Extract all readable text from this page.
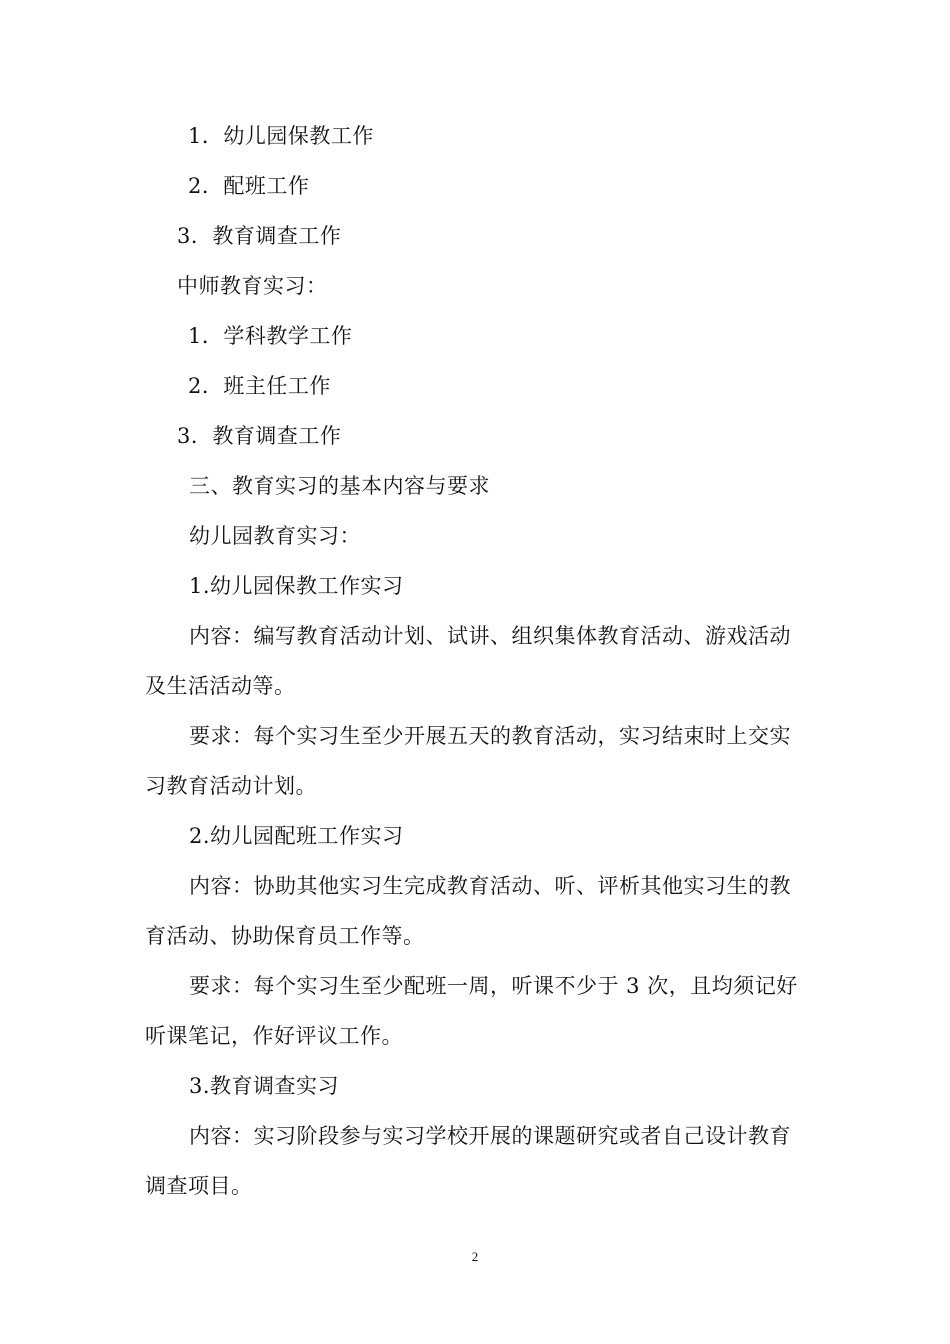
1．幼儿园保教工作
2．配班工作
3．教育调查工作
中师教育实习：
1．学科教学工作
2．班主任工作
3．教育调查工作
三、教育实习的基本内容与要求　
幼儿园教育实习：
1.幼儿园保教工作实习
内容：编写教育活动计划、试讲、组织集体教育活动、游戏活动
及生活活动等。
要求：每个实习生至少开展五天的教育活动，实习结束时上交实
习教育活动计划。
2.幼儿园配班工作实习
内容：协助其他实习生完成教育活动、听、评析其他实习生的教
育活动、协助保育员工作等。
要求：每个实习生至少配班一周，听课不少于 3 次，且均须记好
听课笔记，作好评议工作。
3.教育调查实习
内容：实习阶段参与实习学校开展的课题研究或者自己设计教育
调查项目。
2
